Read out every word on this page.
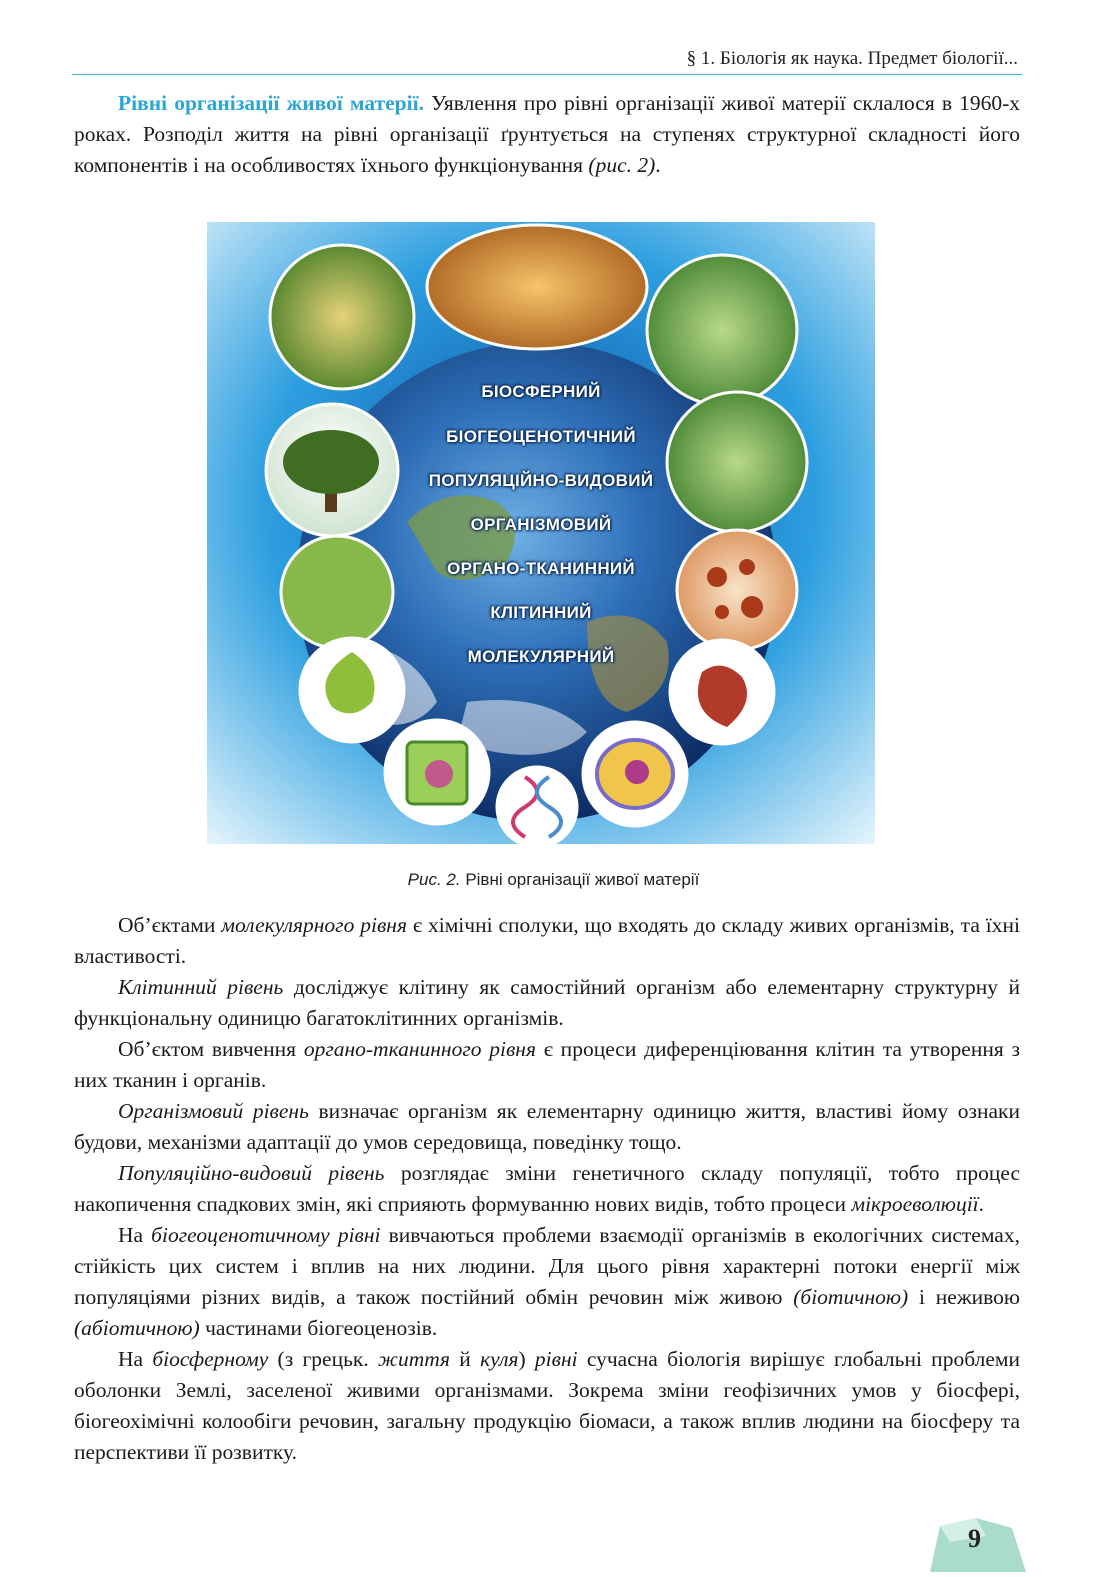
§ 1. Біологія як наука. Предмет біології...

Рівні організації живої матерії. Уявлення про рівні організації живої матерії склалося в 1960-х роках. Розподіл життя на рівні організації ґрунтується на ступенях структурної складності його компонентів і на особливостях їхнього функціонування (рис. 2).

БІОСФЕРНИЙ
БІОГЕОЦЕНОТИЧНИЙ
ПОПУЛЯЦІЙНО-ВИДОВИЙ
ОРГАНІЗМОВИЙ
ОРГАНО-ТКАНИННИЙ
КЛІТИННИЙ
МОЛЕКУЛЯРНИЙ
Рис. 2. Рівні організації живої матерії

Об’єктами молекулярного рівня є хімічні сполуки, що входять до складу живих організмів, та їхні властивості.

Клітинний рівень досліджує клітину як самостійний організм або елементарну структурну й функціональну одиницю багатоклітинних організмів.

Об’єктом вивчення органо-тканинного рівня є процеси диференціювання клітин та утворення з них тканин і органів.

Організмовий рівень визначає організм як елементарну одиницю життя, властиві йому ознаки будови, механізми адаптації до умов середовища, поведінку тощо.

Популяційно-видовий рівень розглядає зміни генетичного складу популяції, тобто процес накопичення спадкових змін, які сприяють формуванню нових видів, тобто процеси мікроеволюції.

На біогеоценотичному рівні вивчаються проблеми взаємодії організмів в екологічних системах, стійкість цих систем і вплив на них людини. Для цього рівня характерні потоки енергії між популяціями різних видів, а також постійний обмін речовин між живою (біотичною) і неживою (абіотичною) частинами біогеоценозів.

На біосферному (з грецьк. життя й куля) рівні сучасна біологія вирішує глобальні проблеми оболонки Землі, заселеної живими організмами. Зокрема зміни геофізичних умов у біосфері, біогеохімічні колообіги речовин, загальну продукцію біомаси, а також вплив людини на біосферу та перспективи її розвитку.

9
